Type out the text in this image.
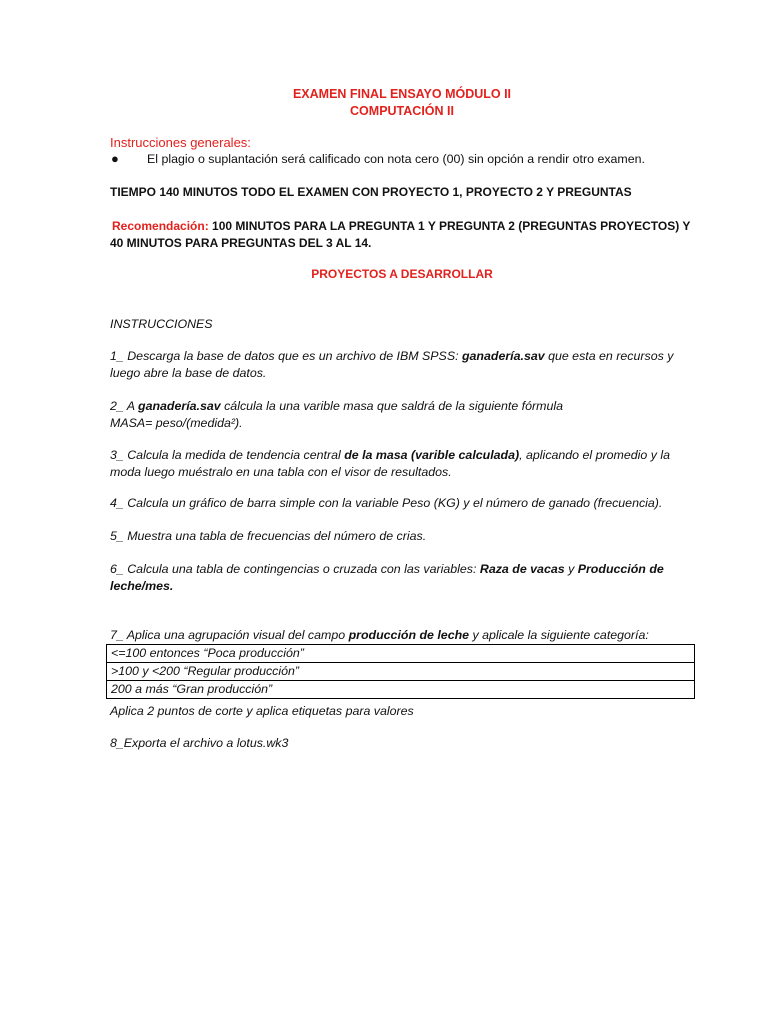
EXAMEN FINAL ENSAYO MÓDULO II

COMPUTACIÓN II

Instrucciones generales:

● El plagio o suplantación será calificado con nota cero (00) sin opción a rendir otro examen.

TIEMPO 140 MINUTOS TODO EL EXAMEN CON PROYECTO 1, PROYECTO 2 Y PREGUNTAS

Recomendación: 100 MINUTOS PARA LA PREGUNTA 1 Y PREGUNTA 2 (PREGUNTAS PROYECTOS) Y

40 MINUTOS PARA PREGUNTAS DEL 3 AL 14.

PROYECTOS A DESARROLLAR

INSTRUCCIONES

1_ Descarga la base de datos que es un archivo de IBM SPSS: ganadería.sav que esta en recursos y
luego abre la base de datos.

2_ A ganadería.sav cálcula la una varible masa que saldrá de la siguiente fórmula
MASA= peso/(medida²).

3_ Calcula la medida de tendencia central de la masa (varible calculada), aplicando el promedio y la
moda luego muéstralo en una tabla con el visor de resultados.

4_ Calcula un gráfico de barra simple con la variable Peso (KG) y el número de ganado (frecuencia).

5_ Muestra una tabla de frecuencias del número de crias.

6_ Calcula una tabla de contingencias o cruzada con las variables: Raza de vacas y Producción de
leche/mes.

7_ Aplica una agrupación visual del campo producción de leche y aplicale la siguiente categoría:

<=100 entonces “Poca producción”
>100 y <200 “Regular producción”
200 a más “Gran producción”

Aplica 2 puntos de corte y aplica etiquetas para valores

8_Exporta el archivo a lotus.wk3
